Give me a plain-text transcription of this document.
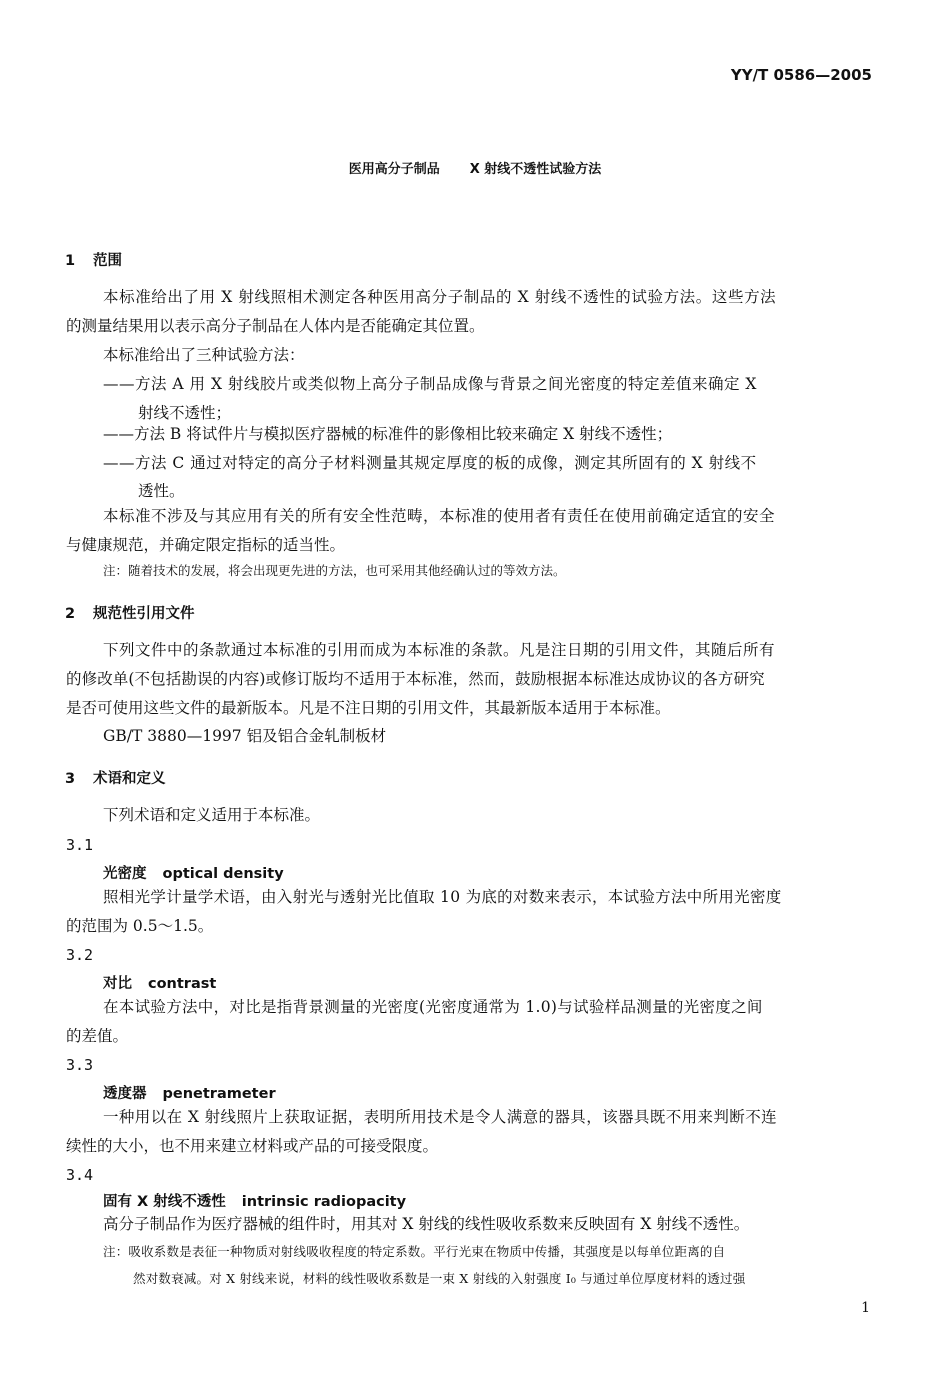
YY/T 0586—2005
医用高分子制品 X 射线不透性试验方法
1 范围
本标准给出了用 X 射线照相术测定各种医用高分子制品的 X 射线不透性的试验方法。这些方法
的测量结果用以表示高分子制品在人体内是否能确定其位置。
本标准给出了三种试验方法：
——方法 A 用 X 射线胶片或类似物上高分子制品成像与背景之间光密度的特定差值来确定 X
射线不透性；
——方法 B 将试件片与模拟医疗器械的标准件的影像相比较来确定 X 射线不透性；
——方法 C 通过对特定的高分子材料测量其规定厚度的板的成像，测定其所固有的 X 射线不
透性。
本标准不涉及与其应用有关的所有安全性范畴，本标准的使用者有责任在使用前确定适宜的安全
与健康规范，并确定限定指标的适当性。
注：随着技术的发展，将会出现更先进的方法，也可采用其他经确认过的等效方法。
2 规范性引用文件
下列文件中的条款通过本标准的引用而成为本标准的条款。凡是注日期的引用文件，其随后所有
的修改单(不包括勘误的内容)或修订版均不适用于本标准，然而，鼓励根据本标准达成协议的各方研究
是否可使用这些文件的最新版本。凡是不注日期的引用文件，其最新版本适用于本标准。
GB/T 3880—1997 铝及铝合金轧制板材
3 术语和定义
下列术语和定义适用于本标准。
3.1
光密度 optical density
照相光学计量学术语，由入射光与透射光比值取 10 为底的对数来表示，本试验方法中所用光密度
的范围为 0.5～1.5。
3.2
对比 contrast
在本试验方法中，对比是指背景测量的光密度(光密度通常为 1.0)与试验样品测量的光密度之间
的差值。
3.3
透度器 penetrameter
一种用以在 X 射线照片上获取证据，表明所用技术是令人满意的器具，该器具既不用来判断不连
续性的大小，也不用来建立材料或产品的可接受限度。
3.4
固有 X 射线不透性 intrinsic radiopacity
高分子制品作为医疗器械的组件时，用其对 X 射线的线性吸收系数来反映固有 X 射线不透性。
注：吸收系数是表征一种物质对射线吸收程度的特定系数。平行光束在物质中传播，其强度是以每单位距离的自
然对数衰减。对 X 射线来说，材料的线性吸收系数是一束 X 射线的入射强度 I₀ 与通过单位厚度材料的透过强
1
